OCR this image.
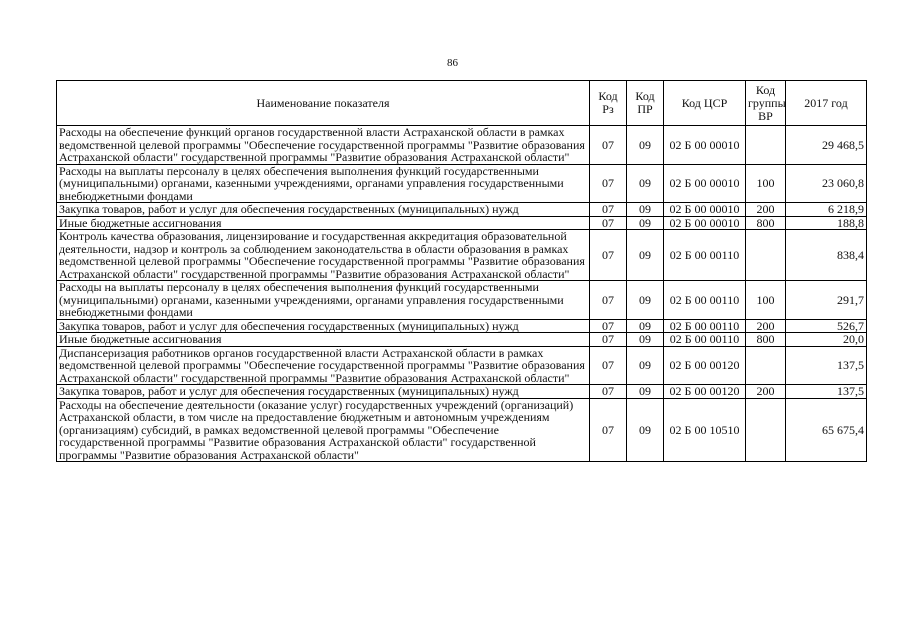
86
Наименование показателя	Код Рз	Код ПР	Код ЦСР	Код группы ВР	2017 год
Расходы на обеспечение функций органов государственной власти Астраханской области в рамках ведомственной целевой программы "Обеспечение государственной программы "Развитие образования Астраханской области" государственной программы "Развитие образования Астраханской области"	07	09	02 Б 00 00010		29 468,5
Расходы на выплаты персоналу в целях обеспечения выполнения функций государственными (муниципальными) органами, казенными учреждениями, органами управления государственными внебюджетными фондами	07	09	02 Б 00 00010	100	23 060,8
Закупка товаров, работ и услуг для обеспечения государственных (муниципальных) нужд	07	09	02 Б 00 00010	200	6 218,9
Иные бюджетные ассигнования	07	09	02 Б 00 00010	800	188,8
Контроль качества образования, лицензирование и государственная аккредитация образовательной деятельности, надзор и контроль за соблюдением законодательства в области образования в рамках ведомственной целевой программы "Обеспечение государственной программы "Развитие образования Астраханской области" государственной программы "Развитие образования Астраханской области"	07	09	02 Б 00 00110		838,4
Расходы на выплаты персоналу в целях обеспечения выполнения функций государственными (муниципальными) органами, казенными учреждениями, органами управления государственными внебюджетными фондами	07	09	02 Б 00 00110	100	291,7
Закупка товаров, работ и услуг для обеспечения государственных (муниципальных) нужд	07	09	02 Б 00 00110	200	526,7
Иные бюджетные ассигнования	07	09	02 Б 00 00110	800	20,0
Диспансеризация работников органов государственной власти Астраханской области в рамках ведомственной целевой программы "Обеспечение государственной программы "Развитие образования Астраханской области" государственной программы "Развитие образования Астраханской области"	07	09	02 Б 00 00120		137,5
Закупка товаров, работ и услуг для обеспечения государственных (муниципальных) нужд	07	09	02 Б 00 00120	200	137,5
Расходы на обеспечение деятельности (оказание услуг) государственных учреждений (организаций) Астраханской области, в том числе на предоставление бюджетным и автономным учреждениям (организациям) субсидий, в рамках ведомственной целевой программы "Обеспечение государственной программы "Развитие образования Астраханской области" государственной программы "Развитие образования Астраханской области"	07	09	02 Б 00 10510		65 675,4
